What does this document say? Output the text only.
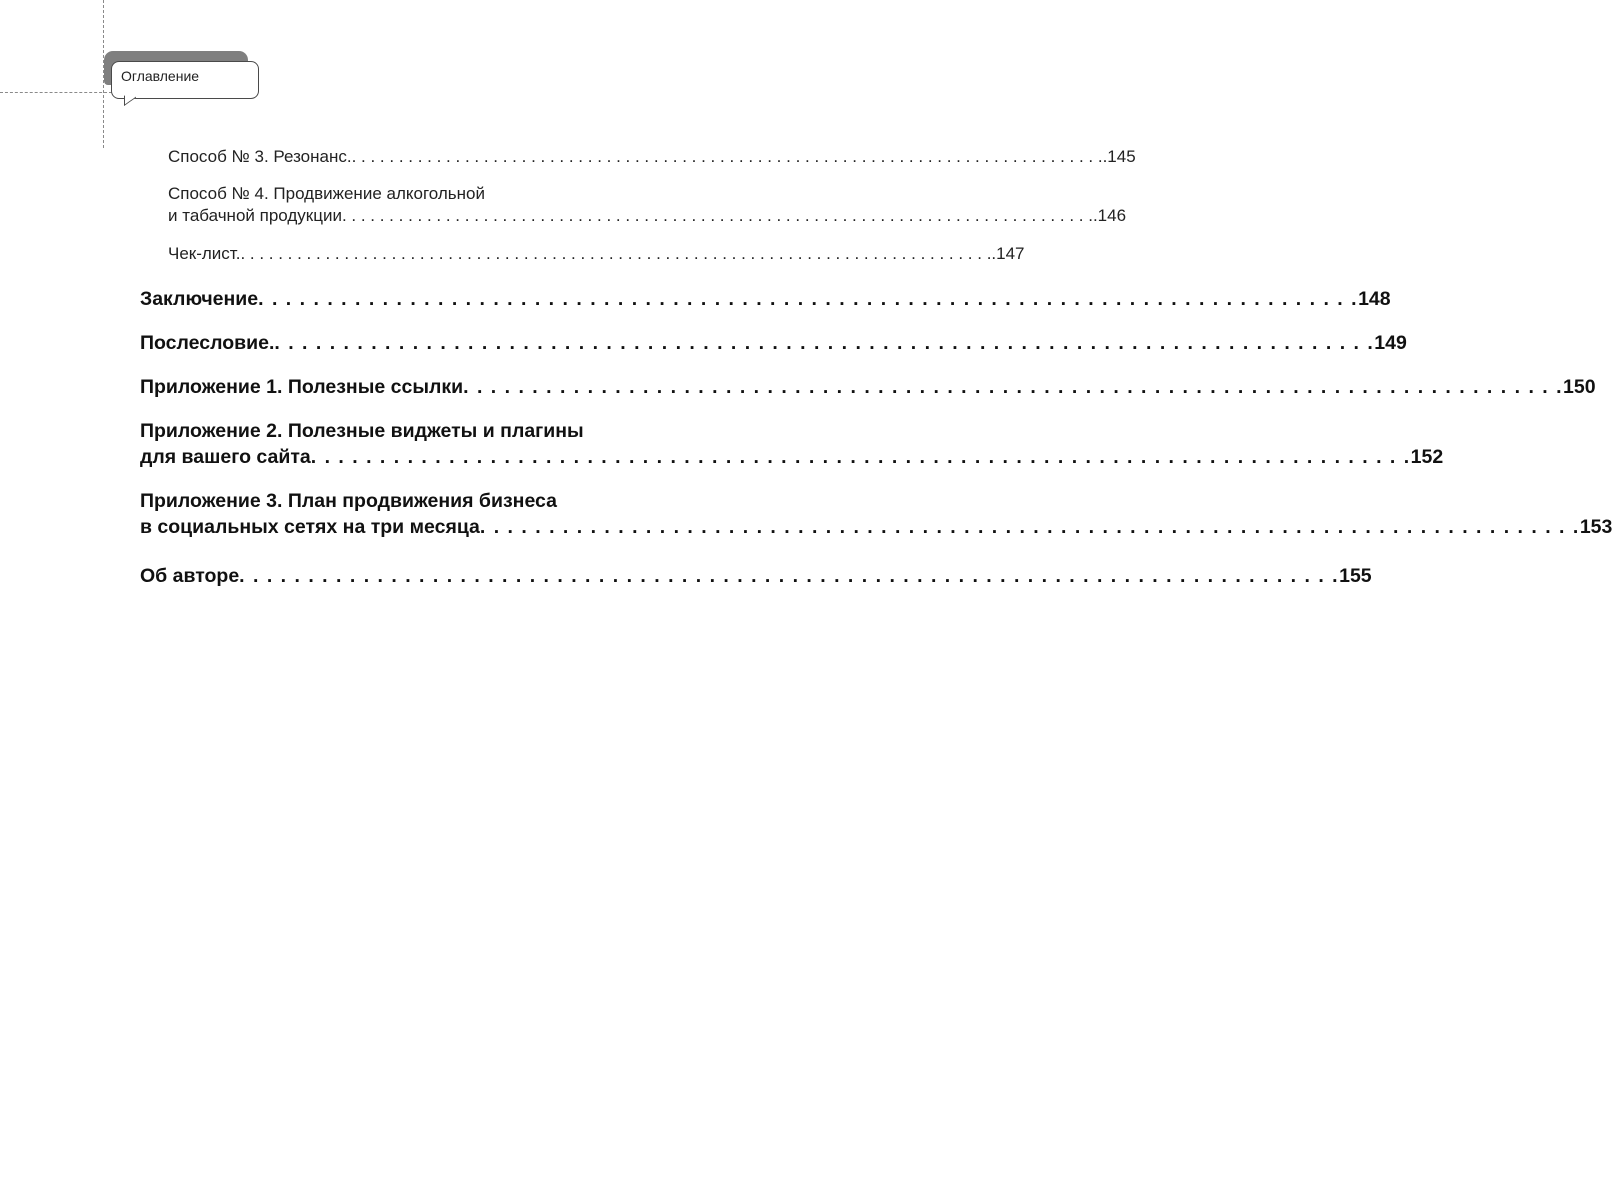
Оглавление
Способ № 3. Резонанс. . . . . . . . . . . . . . . . . . . . . . . . . . . . . . . . . . . . . . . . . . . . . . . . . . . . . . . . . . . . . . . . . . . . . . . . . . . . . . . . . .145
Способ № 4. Продвижение алкогольной
и табачной продукции . . . . . . . . . . . . . . . . . . . . . . . . . . . . . . . . . . . . . . . . . . . . . . . . . . . . . . . . . . . . . . . . . . . . . . . . . . . . . . . . .146
Чек-лист. . . . . . . . . . . . . . . . . . . . . . . . . . . . . . . . . . . . . . . . . . . . . . . . . . . . . . . . . . . . . . . . . . . . . . . . . . . . . . . . . .147
Заключение . . . . . . . . . . . . . . . . . . . . . . . . . . . . . . . . . . . . . . . . . . . . . . . . . . . . . . . . . . . . . . . . . . . . . . . . . . . . . . . . 148
Послесловие. . . . . . . . . . . . . . . . . . . . . . . . . . . . . . . . . . . . . . . . . . . . . . . . . . . . . . . . . . . . . . . . . . . . . . . . . . . . . . . . . 149
Приложение 1. Полезные ссылки . . . . . . . . . . . . . . . . . . . . . . . . . . . . . . . . . . . . . . . . . . . . . . . . . . . . . . . . . . . . . . . . . . . . . . . . . . . . . . . . 150
Приложение 2. Полезные виджеты и плагины
для вашего сайта . . . . . . . . . . . . . . . . . . . . . . . . . . . . . . . . . . . . . . . . . . . . . . . . . . . . . . . . . . . . . . . . . . . . . . . . . . . . . . . . 152
Приложение 3. План продвижения бизнеса
в социальных сетях на три месяца . . . . . . . . . . . . . . . . . . . . . . . . . . . . . . . . . . . . . . . . . . . . . . . . . . . . . . . . . . . . . . . . . . . . . . . . . . . . . . . . 153
Об авторе . . . . . . . . . . . . . . . . . . . . . . . . . . . . . . . . . . . . . . . . . . . . . . . . . . . . . . . . . . . . . . . . . . . . . . . . . . . . . . . . 155
